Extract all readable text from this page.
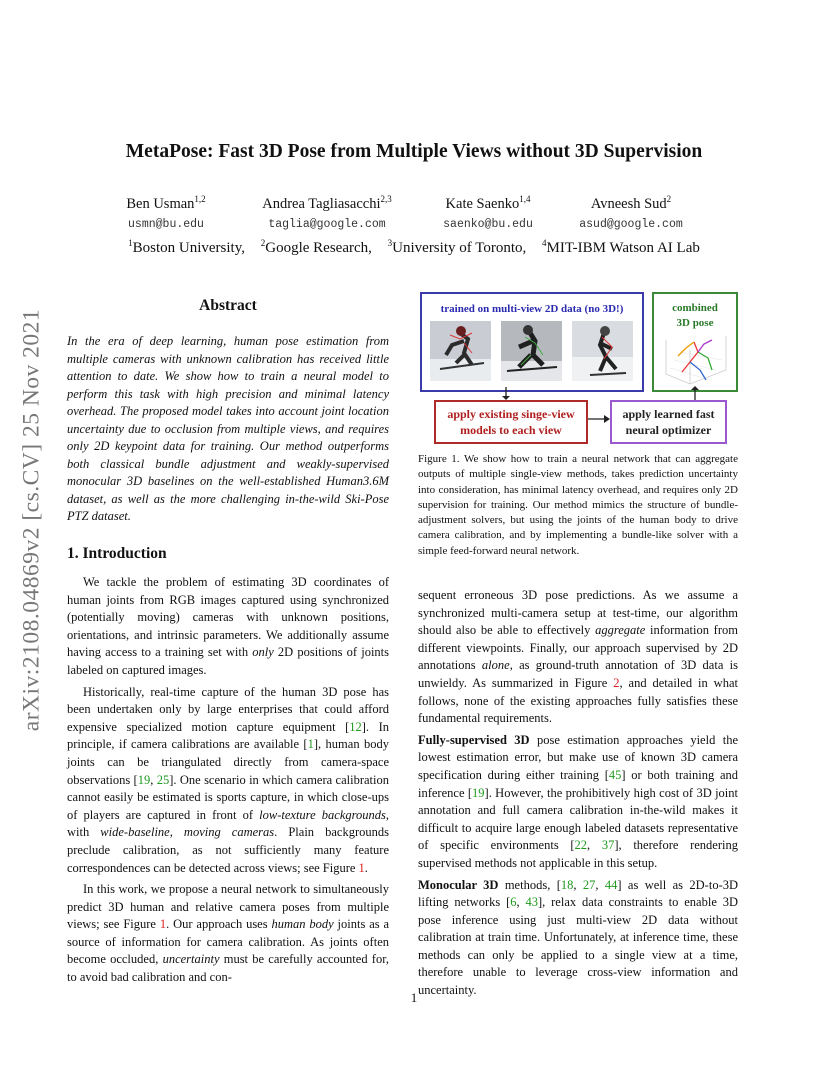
arXiv:2108.04869v2 [cs.CV] 25 Nov 2021
MetaPose: Fast 3D Pose from Multiple Views without 3D Supervision
Ben Usman$^{1,2}$
usmn@bu.edu
Andrea Tagliasacchi$^{2,3}$
taglia@google.com
Kate Saenko$^{1,4}$
saenko@bu.edu
Avneesh Sud$^2$
asud@google.com
$^1$Boston University, $^2$Google Research, $^3$University of Toronto, $^4$MIT-IBM Watson AI Lab
Abstract
In the era of deep learning, human pose estimation from multiple cameras with unknown calibration has received little attention to date. We show how to train a neural model to perform this task with high precision and minimal latency overhead. The proposed model takes into account joint location uncertainty due to occlusion from multiple views, and requires only 2D keypoint data for training. Our method outperforms both classical bundle adjustment and weakly-supervised monocular 3D baselines on the well-established Human3.6M dataset, as well as the more challenging in-the-wild Ski-Pose PTZ dataset.
1. Introduction

We tackle the problem of estimating 3D coordinates of human joints from RGB images captured using synchronized (potentially moving) cameras with unknown positions, orientations, and intrinsic parameters. We additionally assume having access to a training set with only 2D positions of joints labeled on captured images.

Historically, real-time capture of the human 3D pose has been undertaken only by large enterprises that could afford expensive specialized motion capture equipment [12]. In principle, if camera calibrations are available [1], human body joints can be triangulated directly from camera-space observations [19, 25]. One scenario in which camera calibration cannot easily be estimated is sports capture, in which close-ups of players are captured in front of low-texture backgrounds, with wide-baseline, moving cameras. Plain backgrounds preclude calibration, as not sufficiently many feature correspondences can be detected across views; see Figure 1.

In this work, we propose a neural network to simultaneously predict 3D human and relative camera poses from multiple views; see Figure 1. Our approach uses human body joints as a source of information for camera calibration. As joints often become occluded, uncertainty must be carefully accounted for, to avoid bad calibration and con-

trained on multi-view 2D data (no 3D!)	combined
3D pose
apply existing singe-view models to each view
apply learned fast neural optimizer
Figure 1. We show how to train a neural network that can aggregate outputs of multiple single-view methods, takes prediction uncertainty into consideration, has minimal latency overhead, and requires only 2D supervision for training. Our method mimics the structure of bundle-adjustment solvers, but using the joints of the human body to drive camera calibration, and by implementing a bundle-like solver with a simple feed-forward neural network.

sequent erroneous 3D pose predictions. As we assume a synchronized multi-camera setup at test-time, our algorithm should also be able to effectively aggregate information from different viewpoints. Finally, our approach supervised by 2D annotations alone, as ground-truth annotation of 3D data is unwieldy. As summarized in Figure 2, and detailed in what follows, none of the existing approaches fully satisfies these fundamental requirements.

Fully-supervised 3D pose estimation approaches yield the lowest estimation error, but make use of known 3D camera specification during either training [45] or both training and inference [19]. However, the prohibitively high cost of 3D joint annotation and full camera calibration in-the-wild makes it difficult to acquire large enough labeled datasets representative of specific environments [22, 37], therefore rendering supervised methods not applicable in this setup.

Monocular 3D methods, [18, 27, 44] as well as 2D-to-3D lifting networks [6, 43], relax data constraints to enable 3D pose inference using just multi-view 2D data without calibration at train time. Unfortunately, at inference time, these methods can only be applied to a single view at a time, therefore unable to leverage cross-view information and uncertainty.

1
